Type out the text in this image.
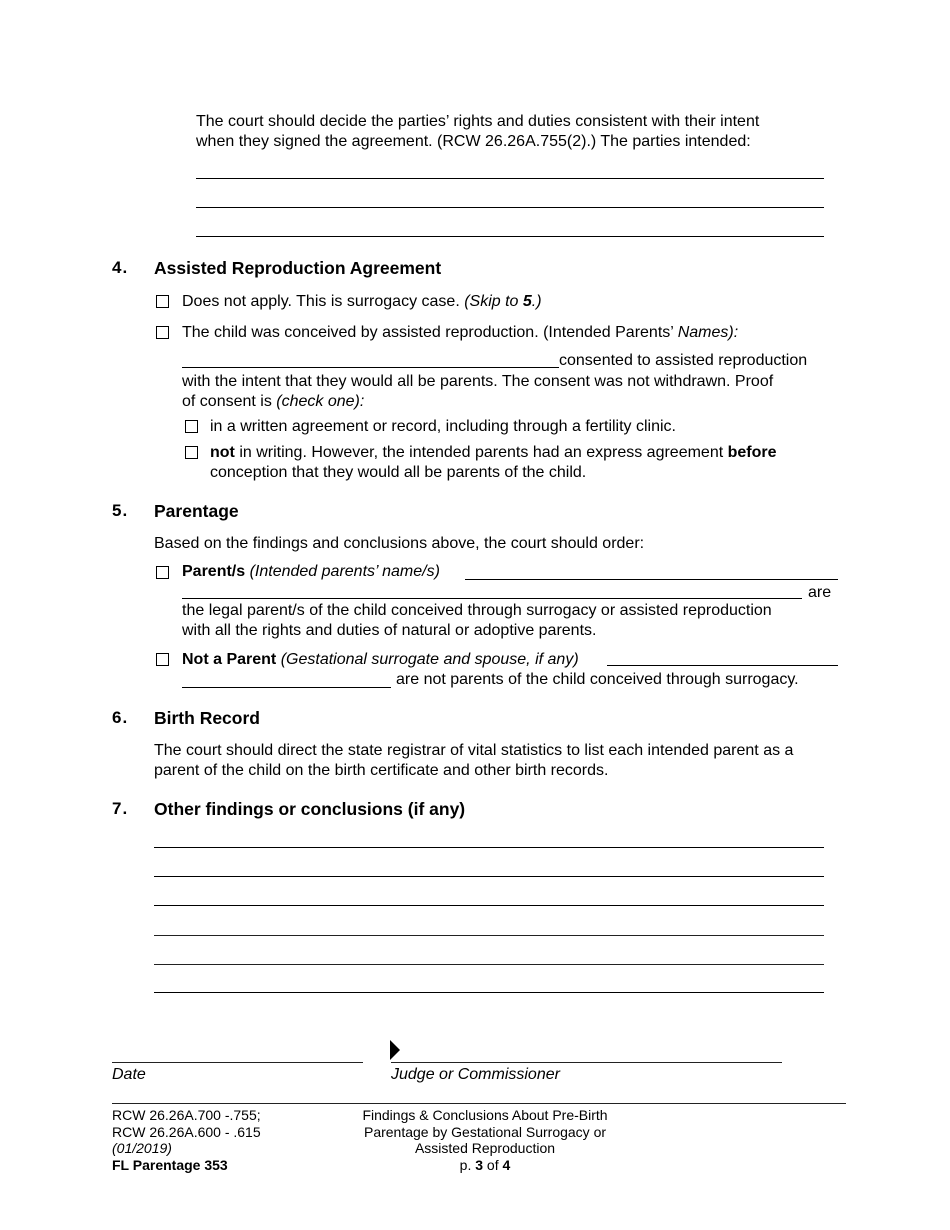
The court should decide the parties’ rights and duties consistent with their intent
when they signed the agreement. (RCW 26.26A.755(2).) The parties intended:
4. Assisted Reproduction Agreement
Does not apply. This is surrogacy case. (Skip to 5.)
The child was conceived by assisted reproduction. (Intended Parents’ Names):
consented to assisted reproduction
with the intent that they would all be parents. The consent was not withdrawn. Proof
of consent is (check one):
in a written agreement or record, including through a fertility clinic.
not in writing. However, the intended parents had an express agreement before
conception that they would all be parents of the child.
5. Parentage
Based on the findings and conclusions above, the court should order:
Parent/s (Intended parents’ name/s)
are
the legal parent/s of the child conceived through surrogacy or assisted reproduction
with all the rights and duties of natural or adoptive parents.
Not a Parent (Gestational surrogate and spouse, if any)
are not parents of the child conceived through surrogacy.
6. Birth Record
The court should direct the state registrar of vital statistics to list each intended parent as a
parent of the child on the birth certificate and other birth records.
7. Other findings or conclusions (if any)
Date	Judge or Commissioner
RCW 26.26A.700 -.755;
RCW 26.26A.600 - .615
(01/2019)
FL Parentage 353
Findings & Conclusions About Pre-Birth
Parentage by Gestational Surrogacy or
Assisted Reproduction
p. 3 of 4
